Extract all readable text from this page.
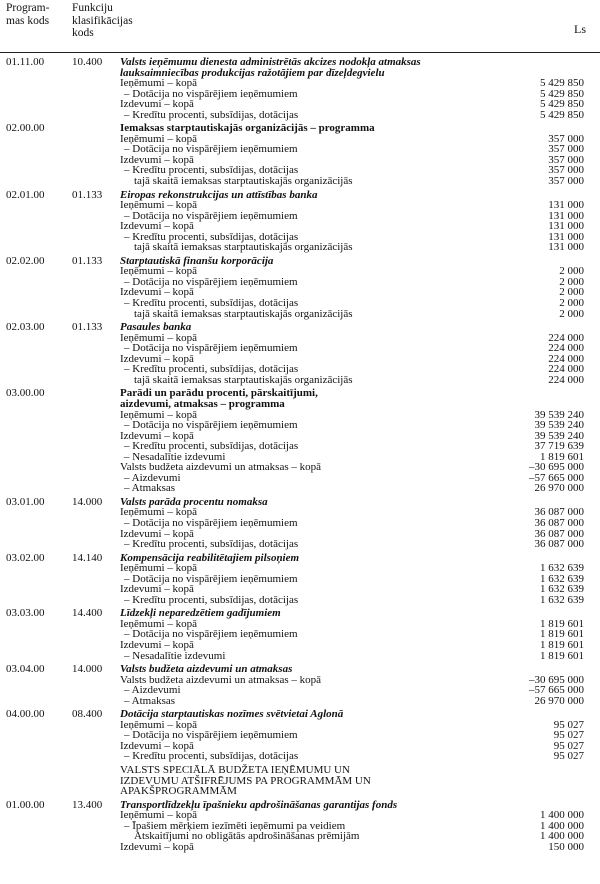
Program-mas kods
Funkciju klasifikācijas kods	Ls
01.11.00	10.400 Valsts ieņēmumu dienesta administrētās akcizes nodokļa atmaksas
lauksaimniecības produkcijas ražotājiem par dīzeļdegvielu
Ieņēmumi – kopā	5 429 850
– Dotācija no vispārējiem ieņēmumiem	5 429 850
Izdevumi – kopā	5 429 850
– Kredītu procenti, subsīdijas, dotācijas	5 429 850
02.00.00	Iemaksas starptautiskajās organizācijās – programma
Ieņēmumi – kopā	357 000
– Dotācija no vispārējiem ieņēmumiem	357 000
Izdevumi – kopā	357 000
– Kredītu procenti, subsīdijas, dotācijas	357 000
tajā skaitā iemaksas starptautiskajās organizācijās	357 000
02.01.00	01.133 Eiropas rekonstrukcijas un attīstības banka
Ieņēmumi – kopā	131 000
– Dotācija no vispārējiem ieņēmumiem	131 000
Izdevumi – kopā	131 000
– Kredītu procenti, subsīdijas, dotācijas	131 000
tajā skaitā iemaksas starptautiskajās organizācijās	131 000
02.02.00	01.133 Starptautiskā finanšu korporācija
Ieņēmumi – kopā	2 000
– Dotācija no vispārējiem ieņēmumiem	2 000
Izdevumi – kopā	2 000
– Kredītu procenti, subsīdijas, dotācijas	2 000
tajā skaitā iemaksas starptautiskajās organizācijās	2 000
02.03.00	01.133 Pasaules banka
Ieņēmumi – kopā	224 000
– Dotācija no vispārējiem ieņēmumiem	224 000
Izdevumi – kopā	224 000
– Kredītu procenti, subsīdijas, dotācijas	224 000
tajā skaitā iemaksas starptautiskajās organizācijās	224 000
03.00.00	Parādi un parādu procenti, pārskaitījumi,
aizdevumi, atmaksas – programma
Ieņēmumi – kopā	39 539 240
– Dotācija no vispārējiem ieņēmumiem	39 539 240
Izdevumi – kopā	39 539 240
– Kredītu procenti, subsīdijas, dotācijas	37 719 639
– Nesadalītie izdevumi	1 819 601
Valsts budžeta aizdevumi un atmaksas – kopā	–30 695 000
– Aizdevumi	–57 665 000
– Atmaksas	26 970 000
03.01.00	14.000 Valsts parāda procentu nomaksa
Ieņēmumi – kopā	36 087 000
– Dotācija no vispārējiem ieņēmumiem	36 087 000
Izdevumi – kopā	36 087 000
– Kredītu procenti, subsīdijas, dotācijas	36 087 000
03.02.00	14.140 Kompensācija reabilitētajiem pilsoņiem
Ieņēmumi – kopā	1 632 639
– Dotācija no vispārējiem ieņēmumiem	1 632 639
Izdevumi – kopā	1 632 639
– Kredītu procenti, subsīdijas, dotācijas	1 632 639
03.03.00	14.400 Līdzekļi neparedzētiem gadījumiem
Ieņēmumi – kopā	1 819 601
– Dotācija no vispārējiem ieņēmumiem	1 819 601
Izdevumi – kopā	1 819 601
– Nesadalītie izdevumi	1 819 601
03.04.00	14.000 Valsts budžeta aizdevumi un atmaksas
Valsts budžeta aizdevumi un atmaksas – kopā	–30 695 000
– Aizdevumi	–57 665 000
– Atmaksas	26 970 000
04.00.00	08.400 Dotācija starptautiskas nozīmes svētvietai Aglonā
Ieņēmumi – kopā	95 027
– Dotācija no vispārējiem ieņēmumiem	95 027
Izdevumi – kopā	95 027
– Kredītu procenti, subsīdijas, dotācijas	95 027
VALSTS SPECIĀLĀ BUDŽETA IEŅĒMUMU UN
IZDEVUMU ATŠIFRĒJUMS PA PROGRAMMĀM UN
APAKŠPROGRAMMĀM
01.00.00	13.400 Transportlīdzekļu īpašnieku apdrošināšanas garantijas fonds
Ieņēmumi – kopā	1 400 000
– Īpašiem mērķiem iezīmēti ieņēmumi pa veidiem	1 400 000
Atskaitījumi no obligātās apdrošināšanas prēmijām	1 400 000
Izdevumi – kopā	150 000
